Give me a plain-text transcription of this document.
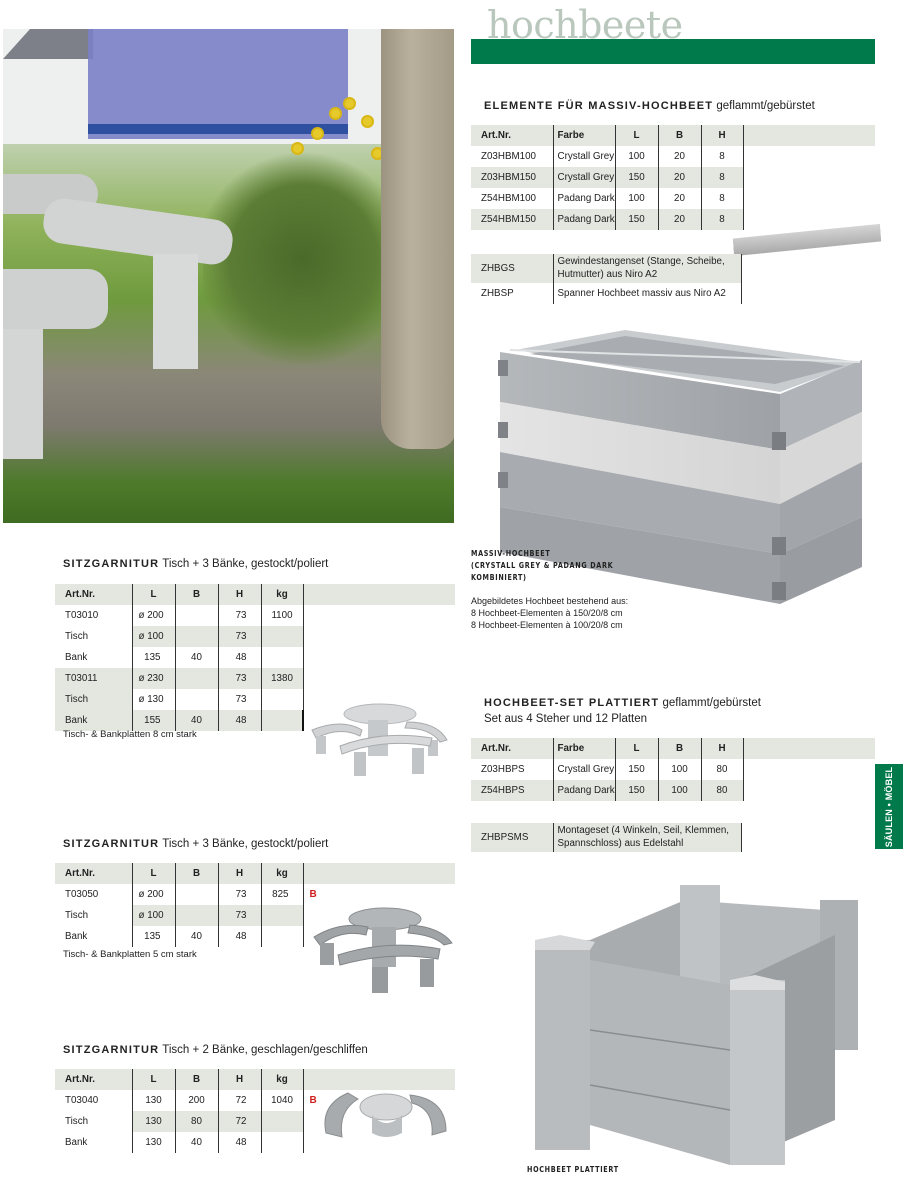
hochbeete
ELEMENTE FÜR MASSIV-HOCHBEET geflammt/gebürstet
Art.Nr.	Farbe	L	B	H	
Z03HBM100	Crystall Grey	100	20	8	
Z03HBM150	Crystall Grey	150	20	8	
Z54HBM100	Padang Dark	100	20	8	
Z54HBM150	Padang Dark	150	20	8	
ZHBGS	Gewindestangenset (Stange, Scheibe, Hutmutter) aus Niro A2	
ZHBSP	Spanner Hochbeet massiv aus Niro A2	
MASSIV-HOCHBEET
(CRYSTALL GREY & PADANG DARK
KOMBINIERT)
Abgebildetes Hochbeet bestehend aus:
8 Hochbeet-Elementen à 150/20/8 cm
8 Hochbeet-Elementen à 100/20/8 cm
HOCHBEET-SET PLATTIERT geflammt/gebürstet
Set aus 4 Steher und 12 Platten
Art.Nr.	Farbe	L	B	H	
Z03HBPS	Crystall Grey	150	100	80	
Z54HBPS	Padang Dark	150	100	80	
ZHBPSMS	Montageset (4 Winkeln, Seil, Klemmen, Spannschloss) aus Edelstahl		SÄULEN • MÖBEL
HOCHBEET PLATTIERT
SITZGARNITUR Tisch + 3 Bänke, gestockt/poliert
Art.Nr.	L	B	H	kg	
T03010	ø 200		73	1100	
Tisch	ø 100		73		
Bank	135	40	48		
T03011	ø 230		73	1380	
Tisch	ø 130		73		
Bank	155	40	48		
Tisch- & Bankplatten 8 cm stark
SITZGARNITUR Tisch + 3 Bänke, gestockt/poliert
Art.Nr.	L	B	H	kg	
T03050	ø 200		73	825	B
Tisch	ø 100		73		
Bank	135	40	48		
Tisch- & Bankplatten 5 cm stark
SITZGARNITUR Tisch + 2 Bänke, geschlagen/geschliffen
Art.Nr.	L	B	H	kg	
T03040	130	200	72	1040	B
Tisch	130	80	72		
Bank	130	40	48		
